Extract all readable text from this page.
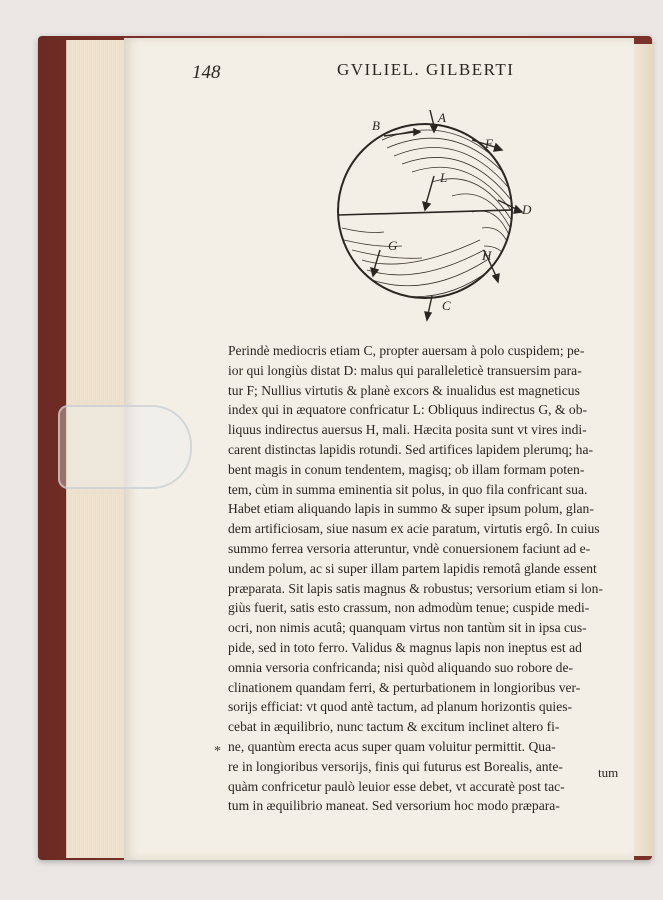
148	GVILIEL. GILBERTI
A
B
F
L
D
G
H
C
Perindè mediocris etiam C, propter auersam à polo cuspidem; pe-
ior qui longiùs distat D: malus qui paralleleticè transuersim para-
tur F; Nullius virtutis & planè excors & inualidus est magneticus
index qui in æquatore confricatur L: Obliquus indirectus G, & ob-
liquus indirectus auersus H, mali. Hæcita posita sunt vt vires indi-
carent distinctas lapidis rotundi. Sed artifices lapidem plerumq; ha-
bent magis in conum tendentem, magisq; ob illam formam poten-
tem, cùm in summa eminentia sit polus, in quo fila confricant sua.
Habet etiam aliquando lapis in summo & super ipsum polum, glan-
dem artificiosam, siue nasum ex acie paratum, virtutis ergô. In cuius
summo ferrea versoria atteruntur, vndè conuersionem faciunt ad e-
undem polum, ac si super illam partem lapidis remotâ glande essent
præparata. Sit lapis satis magnus & robustus; versorium etiam si lon-
giùs fuerit, satis esto crassum, non admodùm tenue; cuspide medi-
ocri, non nimis acutâ; quanquam virtus non tantùm sit in ipsa cus-
pide, sed in toto ferro. Validus & magnus lapis non ineptus est ad
omnia versoria confricanda; nisi quòd aliquando suo robore de-
clinationem quandam ferri, & perturbationem in longioribus ver-
sorijs efficiat: vt quod antè tactum, ad planum horizontis quies-
cebat in æquilibrio, nunc tactum & excitum inclinet altero fi-
ne, quantùm erecta acus super quam voluitur permittit. Qua-
re in longioribus versorijs, finis qui futurus est Borealis, ante-
quàm confricetur paulò leuior esse debet, vt accuratè post tac-
tum in æquilibrio maneat. Sed versorium hoc modo præpara-
*
tum
